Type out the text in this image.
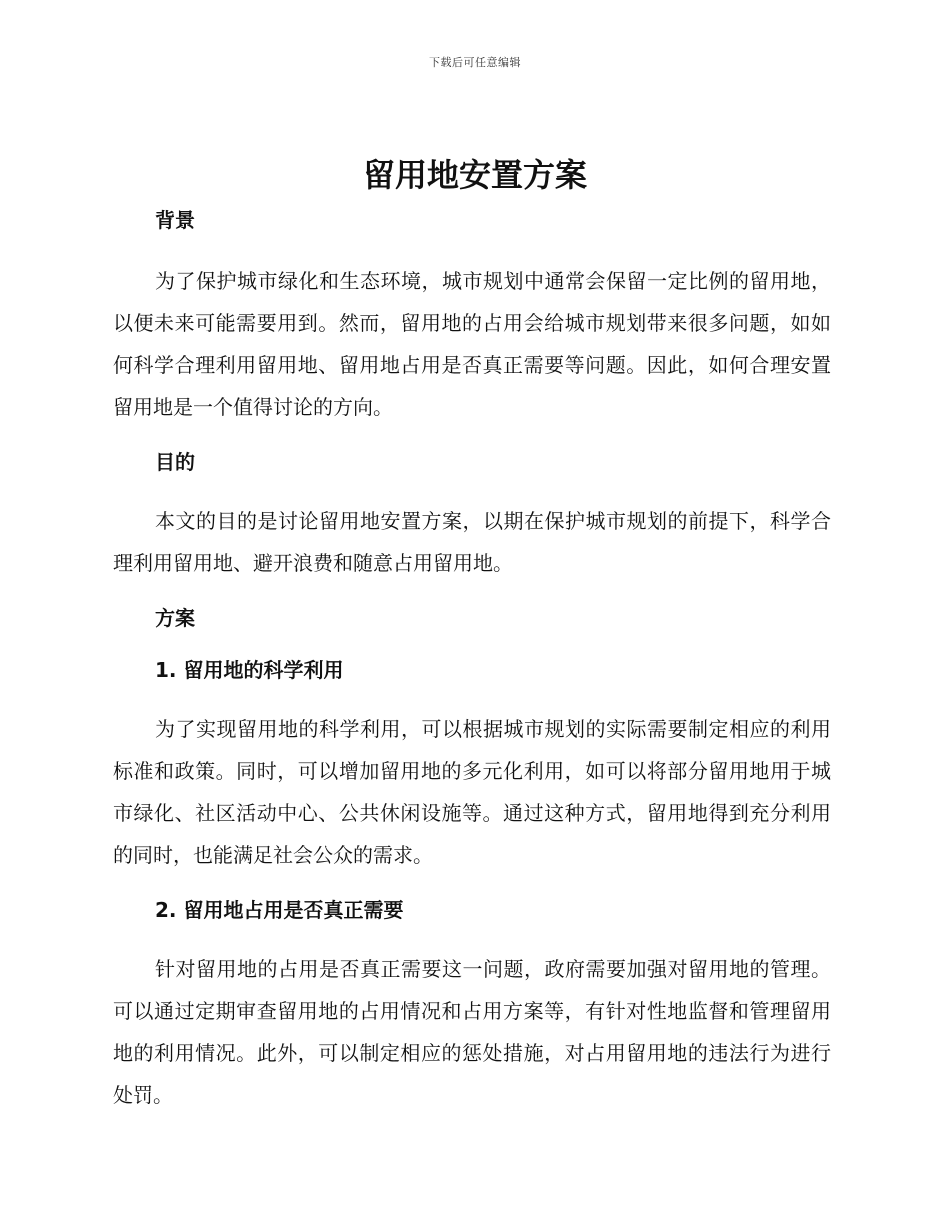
下载后可任意编辑
留用地安置方案
背景

为了保护城市绿化和生态环境，城市规划中通常会保留一定比例的留用地，以便未来可能需要用到。然而，留用地的占用会给城市规划带来很多问题，如如何科学合理利用留用地、留用地占用是否真正需要等问题。因此，如何合理安置留用地是一个值得讨论的方向。

目的

本文的目的是讨论留用地安置方案，以期在保护城市规划的前提下，科学合理利用留用地、避开浪费和随意占用留用地。

方案
1. 留用地的科学利用

为了实现留用地的科学利用，可以根据城市规划的实际需要制定相应的利用标准和政策。同时，可以增加留用地的多元化利用，如可以将部分留用地用于城市绿化、社区活动中心、公共休闲设施等。通过这种方式，留用地得到充分利用的同时，也能满足社会公众的需求。

2. 留用地占用是否真正需要

针对留用地的占用是否真正需要这一问题，政府需要加强对留用地的管理。可以通过定期审查留用地的占用情况和占用方案等，有针对性地监督和管理留用地的利用情况。此外，可以制定相应的惩处措施，对占用留用地的违法行为进行处罚。
